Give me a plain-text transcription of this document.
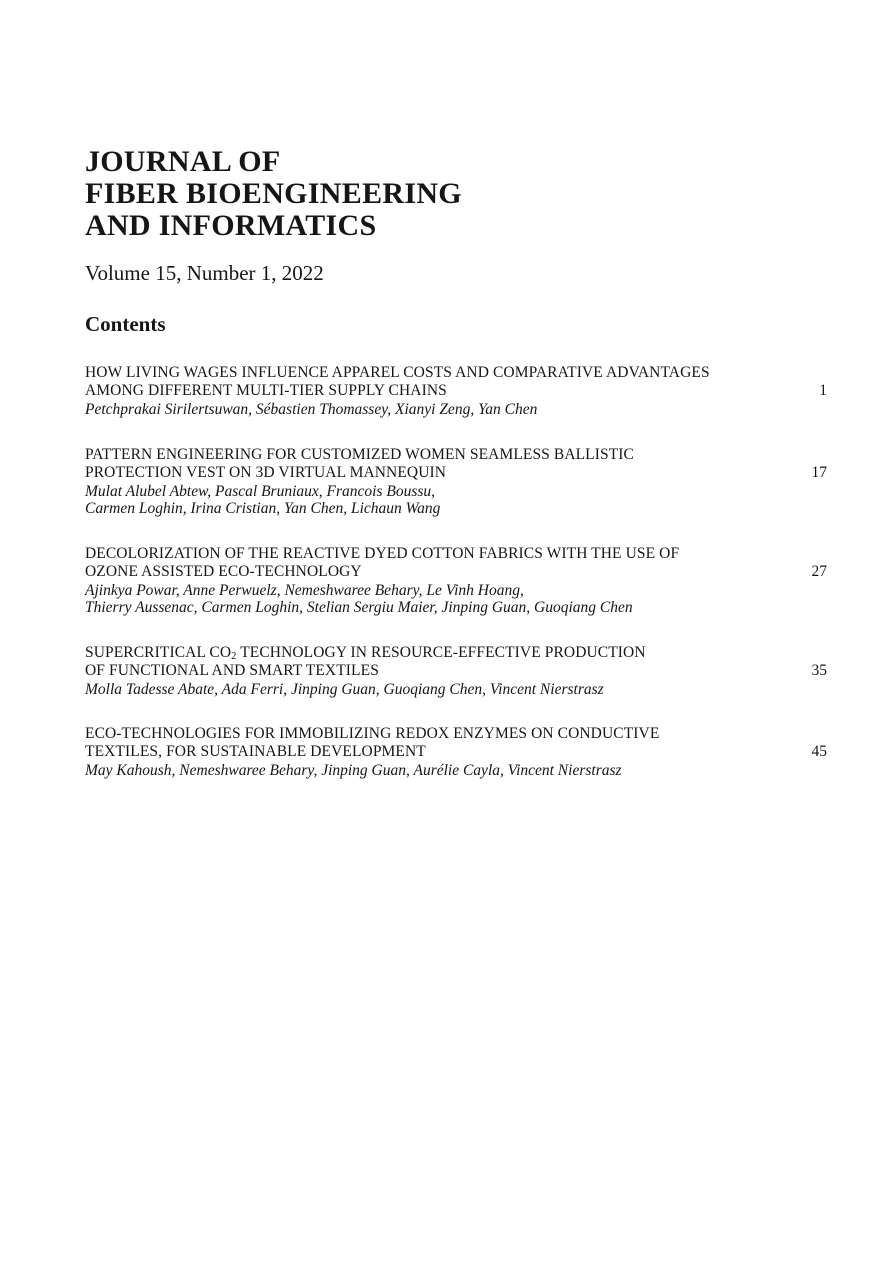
JOURNAL OF
FIBER BIOENGINEERING
AND INFORMATICS
Volume 15, Number 1, 2022
Contents
HOW LIVING WAGES INFLUENCE APPAREL COSTS AND COMPARATIVE ADVANTAGES
AMONG DIFFERENT MULTI-TIER SUPPLY CHAINS	1
Petchprakai Sirilertsuwan, Sébastien Thomassey, Xianyi Zeng, Yan Chen
PATTERN ENGINEERING FOR CUSTOMIZED WOMEN SEAMLESS BALLISTIC
PROTECTION VEST ON 3D VIRTUAL MANNEQUIN	17
Mulat Alubel Abtew, Pascal Bruniaux, Francois Boussu,
Carmen Loghin, Irina Cristian, Yan Chen, Lichaun Wang
DECOLORIZATION OF THE REACTIVE DYED COTTON FABRICS WITH THE USE OF
OZONE ASSISTED ECO-TECHNOLOGY	27
Ajinkya Powar, Anne Perwuelz, Nemeshwaree Behary, Le Vinh Hoang,
Thierry Aussenac, Carmen Loghin, Stelian Sergiu Maier, Jinping Guan, Guoqiang Chen
SUPERCRITICAL $CO_2$ TECHNOLOGY IN RESOURCE-EFFECTIVE PRODUCTION
OF FUNCTIONAL AND SMART TEXTILES	35
Molla Tadesse Abate, Ada Ferri, Jinping Guan, Guoqiang Chen, Vincent Nierstrasz
ECO-TECHNOLOGIES FOR IMMOBILIZING REDOX ENZYMES ON CONDUCTIVE
TEXTILES, FOR SUSTAINABLE DEVELOPMENT	45
May Kahoush, Nemeshwaree Behary, Jinping Guan, Aurélie Cayla, Vincent Nierstrasz
